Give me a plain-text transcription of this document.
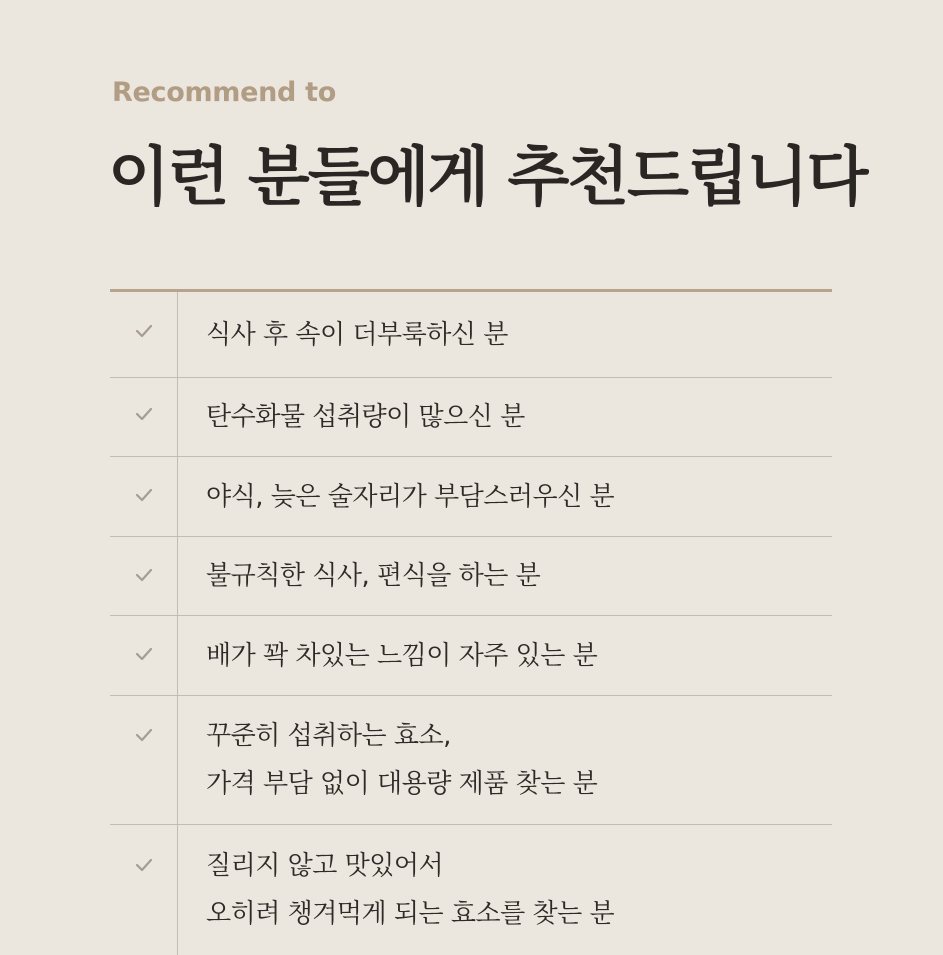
Recommend to
이런 분들에게 추천드립니다
식사 후 속이 더부룩하신 분
탄수화물 섭취량이 많으신 분
야식, 늦은 술자리가 부담스러우신 분
불규칙한 식사, 편식을 하는 분
배가 꽉 차있는 느낌이 자주 있는 분
꾸준히 섭취하는 효소,
가격 부담 없이 대용량 제품 찾는 분
질리지 않고 맛있어서
오히려 챙겨먹게 되는 효소를 찾는 분
